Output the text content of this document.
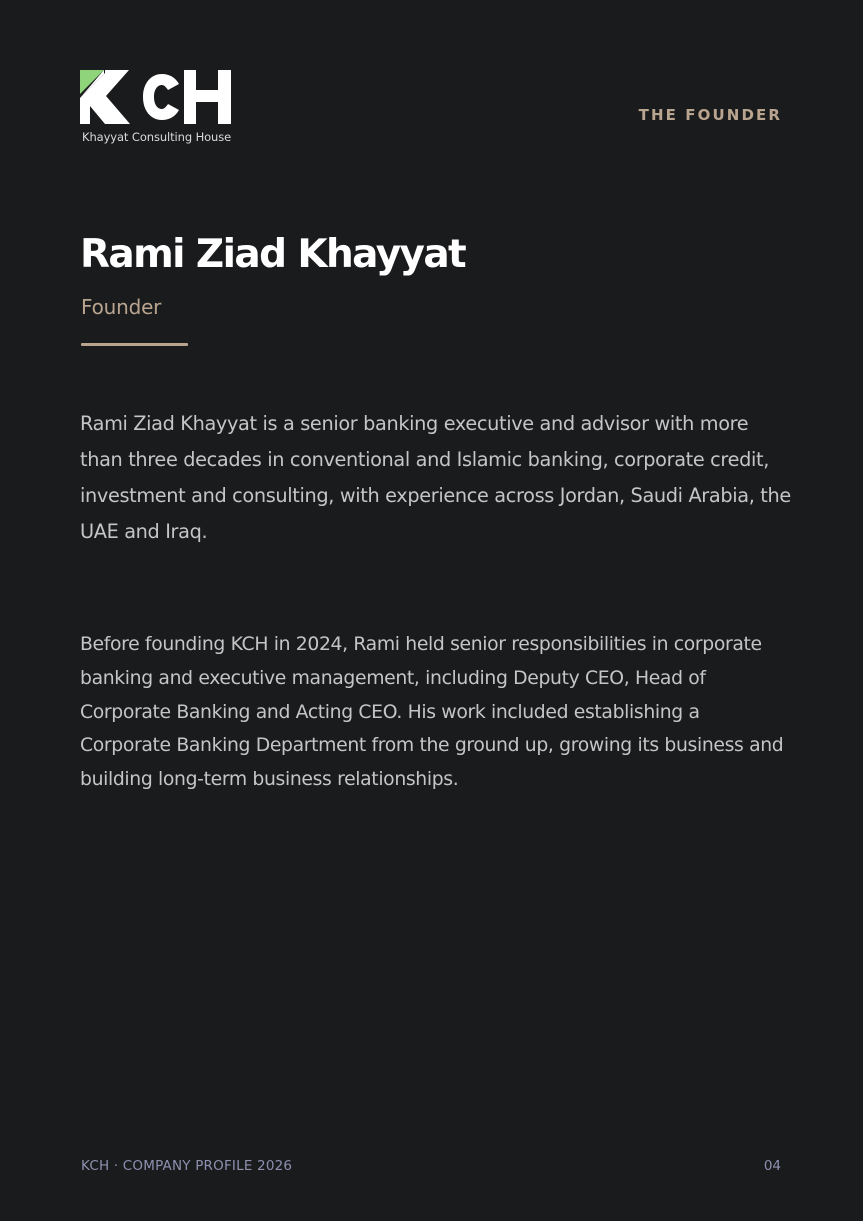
Khayyat Consulting House
THE FOUNDER
Rami Ziad Khayyat
Founder

Rami Ziad Khayyat is a senior banking executive and advisor with more than three decades in conventional and Islamic banking, corporate credit, investment and consulting, with experience across Jordan, Saudi Arabia, the UAE and Iraq.

Before founding KCH in 2024, Rami held senior responsibilities in corporate banking and executive management, including Deputy CEO, Head of Corporate Banking and Acting CEO. His work included establishing a Corporate Banking Department from the ground up, growing its business and building long-term business relationships.

KCH · COMPANY PROFILE 2026	04
